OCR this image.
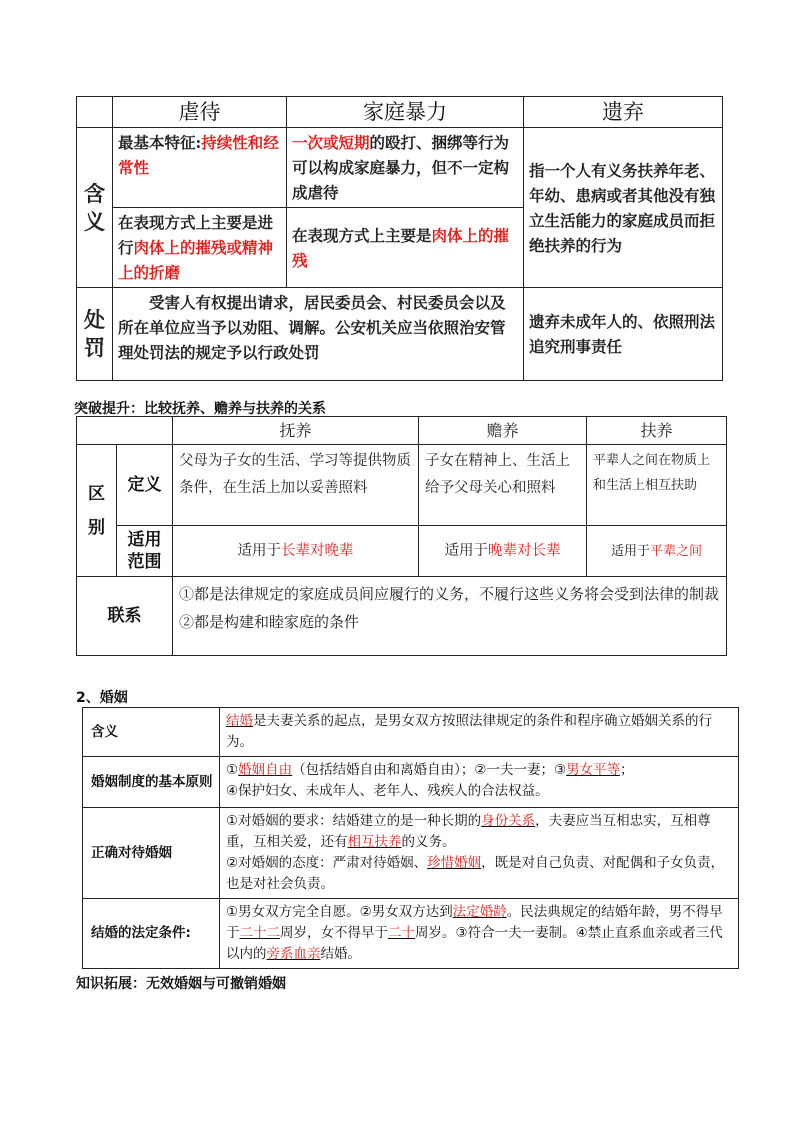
	虐待	家庭暴力	遗弃
含义	最基本特征:持续性和经常性	一次或短期的殴打、捆绑等行为可以构成家庭暴力，但不一定构成虐待	指一个人有义务扶养年老、年幼、患病或者其他没有独立生活能力的家庭成员而拒绝扶养的行为
	在表现方式上主要是进行肉体上的摧残或精神上的折磨	在表现方式上主要是肉体上的摧残	
处罚	受害人有权提出请求，居民委员会、村民委员会以及所在单位应当予以劝阻、调解。公安机关应当依照治安管理处罚法的规定予以行政处罚		遗弃未成年人的、依照刑法追究刑事责任
突破提升：比较抚养、赡养与扶养的关系
		抚养	赡养	扶养
区别	定义	父母为子女的生活、学习等提供物质条件，在生活上加以妥善照料	子女在精神上、生活上给予父母关心和照料	平辈人之间在物质上和生活上相互扶助
	适用范围	适用于长辈对晚辈	适用于晚辈对长辈	适用于平辈之间
联系		①都是法律规定的家庭成员间应履行的义务，不履行这些义务将会受到法律的制裁
②都是构建和睦家庭的条件		
2、婚姻
含义	结婚是夫妻关系的起点，是男女双方按照法律规定的条件和程序确立婚姻关系的行为。
婚姻制度的基本原则	①婚姻自由（包括结婚自由和离婚自由）；②一夫一妻；③男女平等；
④保护妇女、未成年人、老年人、残疾人的合法权益。
正确对待婚姻	①对婚姻的要求：结婚建立的是一种长期的身份关系，夫妻应当互相忠实，互相尊重，互相关爱，还有相互扶养的义务。
②对婚姻的态度：严肃对待婚姻、珍惜婚姻，既是对自己负责、对配偶和子女负责，也是对社会负责。
结婚的法定条件:	①男女双方完全自愿。②男女双方达到法定婚龄。民法典规定的结婚年龄，男不得早于二十二周岁，女不得早于二十周岁。③符合一夫一妻制。④禁止直系血亲或者三代以内的旁系血亲结婚。
知识拓展：无效婚姻与可撤销婚姻
